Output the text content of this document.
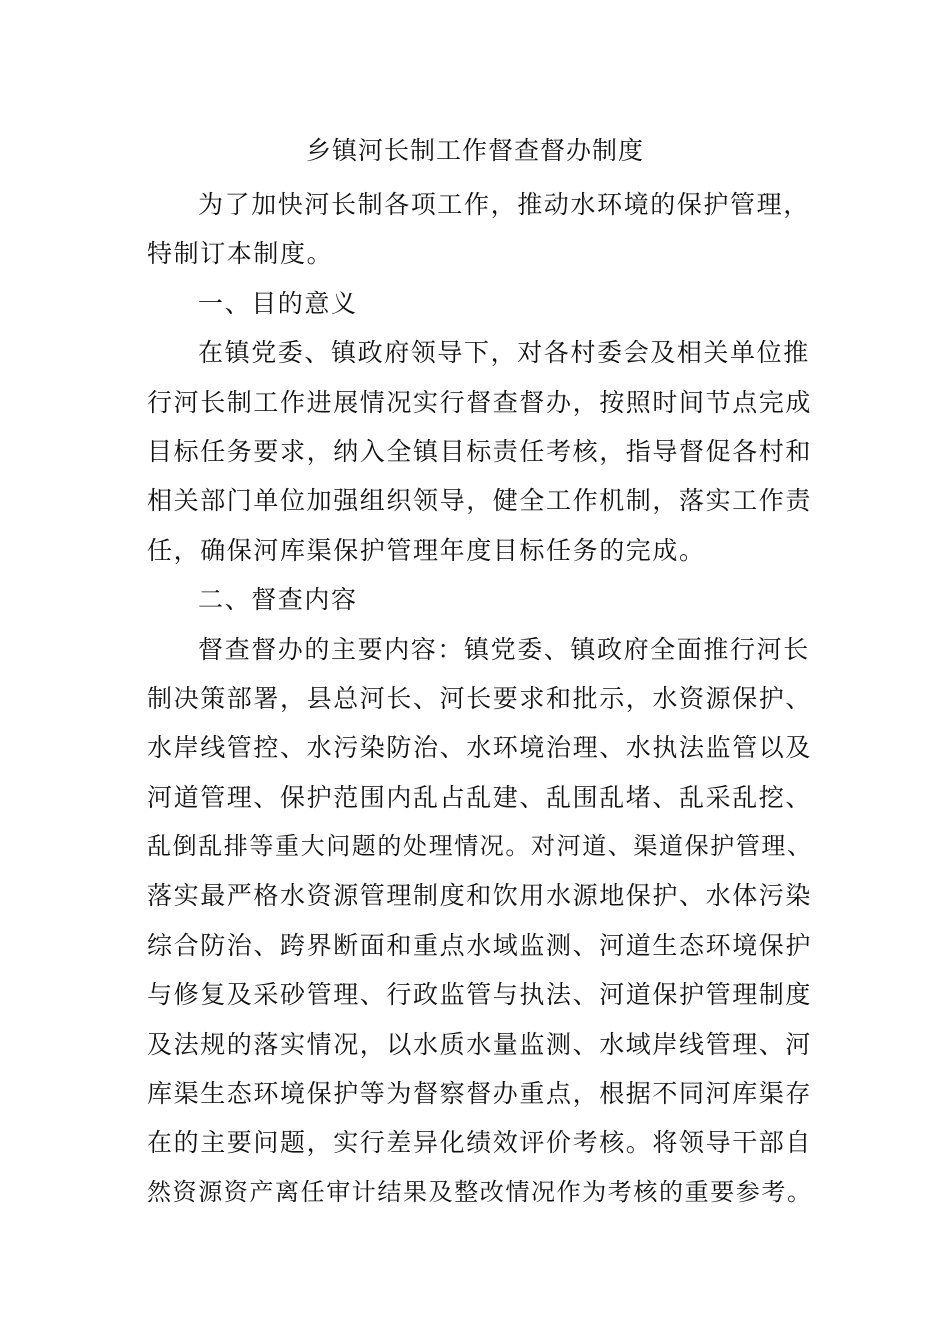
乡镇河长制工作督查督办制度
为了加快河长制各项工作，推动水环境的保护管理，
特制订本制度。
一、目的意义
在镇党委、镇政府领导下，对各村委会及相关单位推
行河长制工作进展情况实行督查督办，按照时间节点完成
目标任务要求，纳入全镇目标责任考核，指导督促各村和
相关部门单位加强组织领导，健全工作机制，落实工作责
任，确保河库渠保护管理年度目标任务的完成。
二、督查内容
督查督办的主要内容：镇党委、镇政府全面推行河长
制决策部署，县总河长、河长要求和批示，水资源保护、
水岸线管控、水污染防治、水环境治理、水执法监管以及
河道管理、保护范围内乱占乱建、乱围乱堵、乱采乱挖、
乱倒乱排等重大问题的处理情况。对河道、渠道保护管理、
落实最严格水资源管理制度和饮用水源地保护、水体污染
综合防治、跨界断面和重点水域监测、河道生态环境保护
与修复及采砂管理、行政监管与执法、河道保护管理制度
及法规的落实情况，以水质水量监测、水域岸线管理、河
库渠生态环境保护等为督察督办重点，根据不同河库渠存
在的主要问题，实行差异化绩效评价考核。将领导干部自
然资源资产离任审计结果及整改情况作为考核的重要参考。
